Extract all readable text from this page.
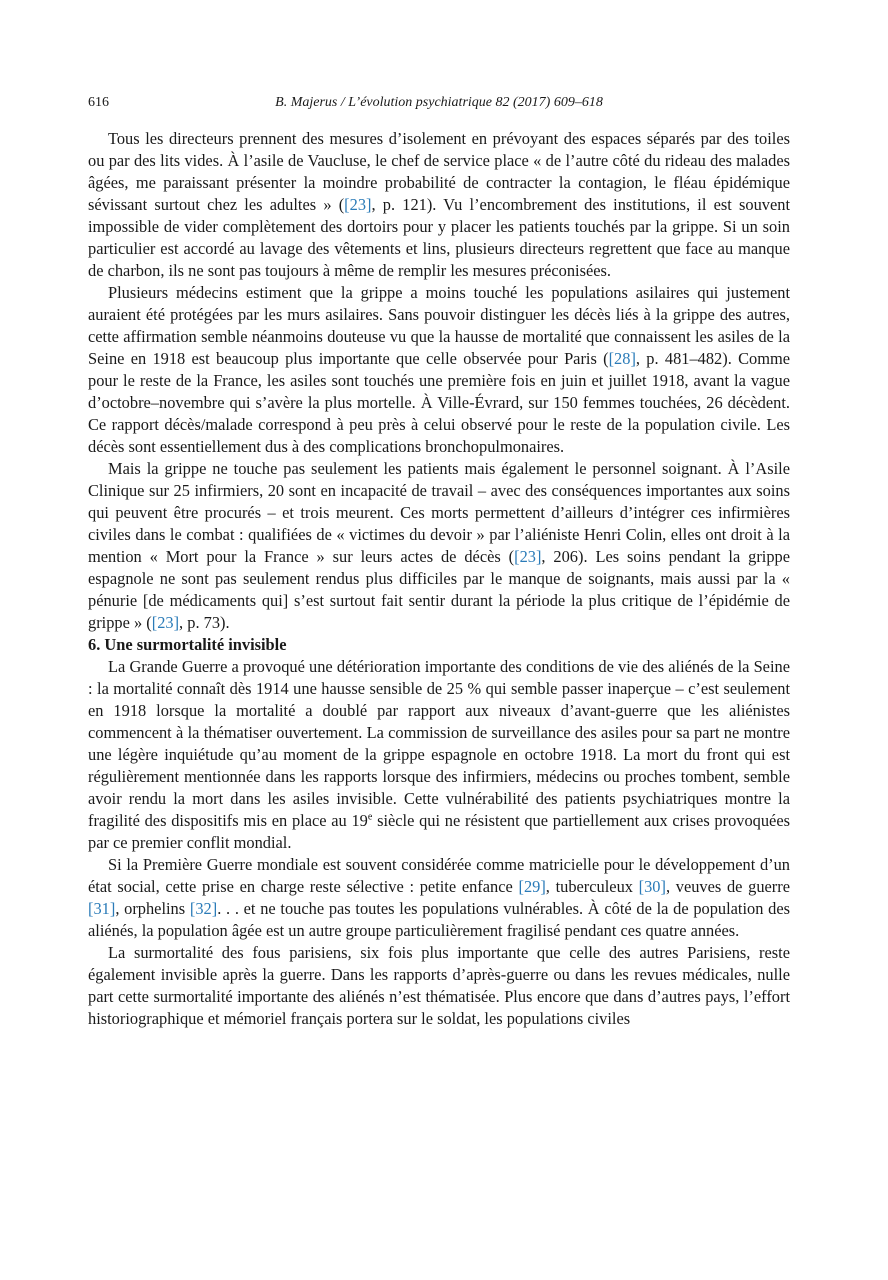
616	B. Majerus / L’évolution psychiatrique 82 (2017) 609–618

Tous les directeurs prennent des mesures d’isolement en prévoyant des espaces séparés par des toiles ou par des lits vides. À l’asile de Vaucluse, le chef de service place « de l’autre côté du rideau des malades âgées, me paraissant présenter la moindre probabilité de contracter la contagion, le fléau épidémique sévissant surtout chez les adultes » ([23], p. 121). Vu l’encombrement des institutions, il est souvent impossible de vider complètement des dortoirs pour y placer les patients touchés par la grippe. Si un soin particulier est accordé au lavage des vêtements et lins, plusieurs directeurs regrettent que face au manque de charbon, ils ne sont pas toujours à même de remplir les mesures préconisées.

Plusieurs médecins estiment que la grippe a moins touché les populations asilaires qui justement auraient été protégées par les murs asilaires. Sans pouvoir distinguer les décès liés à la grippe des autres, cette affirmation semble néanmoins douteuse vu que la hausse de mortalité que connaissent les asiles de la Seine en 1918 est beaucoup plus importante que celle observée pour Paris ([28], p. 481–482). Comme pour le reste de la France, les asiles sont touchés une première fois en juin et juillet 1918, avant la vague d’octobre–novembre qui s’avère la plus mortelle. À Ville-Évrard, sur 150 femmes touchées, 26 décèdent. Ce rapport décès/malade correspond à peu près à celui observé pour le reste de la population civile. Les décès sont essentiellement dus à des complications bronchopulmonaires.

Mais la grippe ne touche pas seulement les patients mais également le personnel soignant. À l’Asile Clinique sur 25 infirmiers, 20 sont en incapacité de travail – avec des conséquences importantes aux soins qui peuvent être procurés – et trois meurent. Ces morts permettent d’ailleurs d’intégrer ces infirmières civiles dans le combat : qualifiées de « victimes du devoir » par l’aliéniste Henri Colin, elles ont droit à la mention « Mort pour la France » sur leurs actes de décès ([23], 206). Les soins pendant la grippe espagnole ne sont pas seulement rendus plus difficiles par le manque de soignants, mais aussi par la « pénurie [de médicaments qui] s’est surtout fait sentir durant la période la plus critique de l’épidémie de grippe » ([23], p. 73).

6. Une surmortalité invisible

La Grande Guerre a provoqué une détérioration importante des conditions de vie des aliénés de la Seine : la mortalité connaît dès 1914 une hausse sensible de 25 % qui semble passer inaperçue – c’est seulement en 1918 lorsque la mortalité a doublé par rapport aux niveaux d’avant-guerre que les aliénistes commencent à la thématiser ouvertement. La commission de surveillance des asiles pour sa part ne montre une légère inquiétude qu’au moment de la grippe espagnole en octobre 1918. La mort du front qui est régulièrement mentionnée dans les rapports lorsque des infirmiers, médecins ou proches tombent, semble avoir rendu la mort dans les asiles invisible. Cette vulnérabilité des patients psychiatriques montre la fragilité des dispositifs mis en place au 19e siècle qui ne résistent que partiellement aux crises provoquées par ce premier conflit mondial.

Si la Première Guerre mondiale est souvent considérée comme matricielle pour le développement d’un état social, cette prise en charge reste sélective : petite enfance [29], tuberculeux [30], veuves de guerre [31], orphelins [32]. . . et ne touche pas toutes les populations vulnérables. À côté de la de population des aliénés, la population âgée est un autre groupe particulièrement fragilisé pendant ces quatre années.

La surmortalité des fous parisiens, six fois plus importante que celle des autres Parisiens, reste également invisible après la guerre. Dans les rapports d’après-guerre ou dans les revues médicales, nulle part cette surmortalité importante des aliénés n’est thématisée. Plus encore que dans d’autres pays, l’effort historiographique et mémoriel français portera sur le soldat, les populations civiles
